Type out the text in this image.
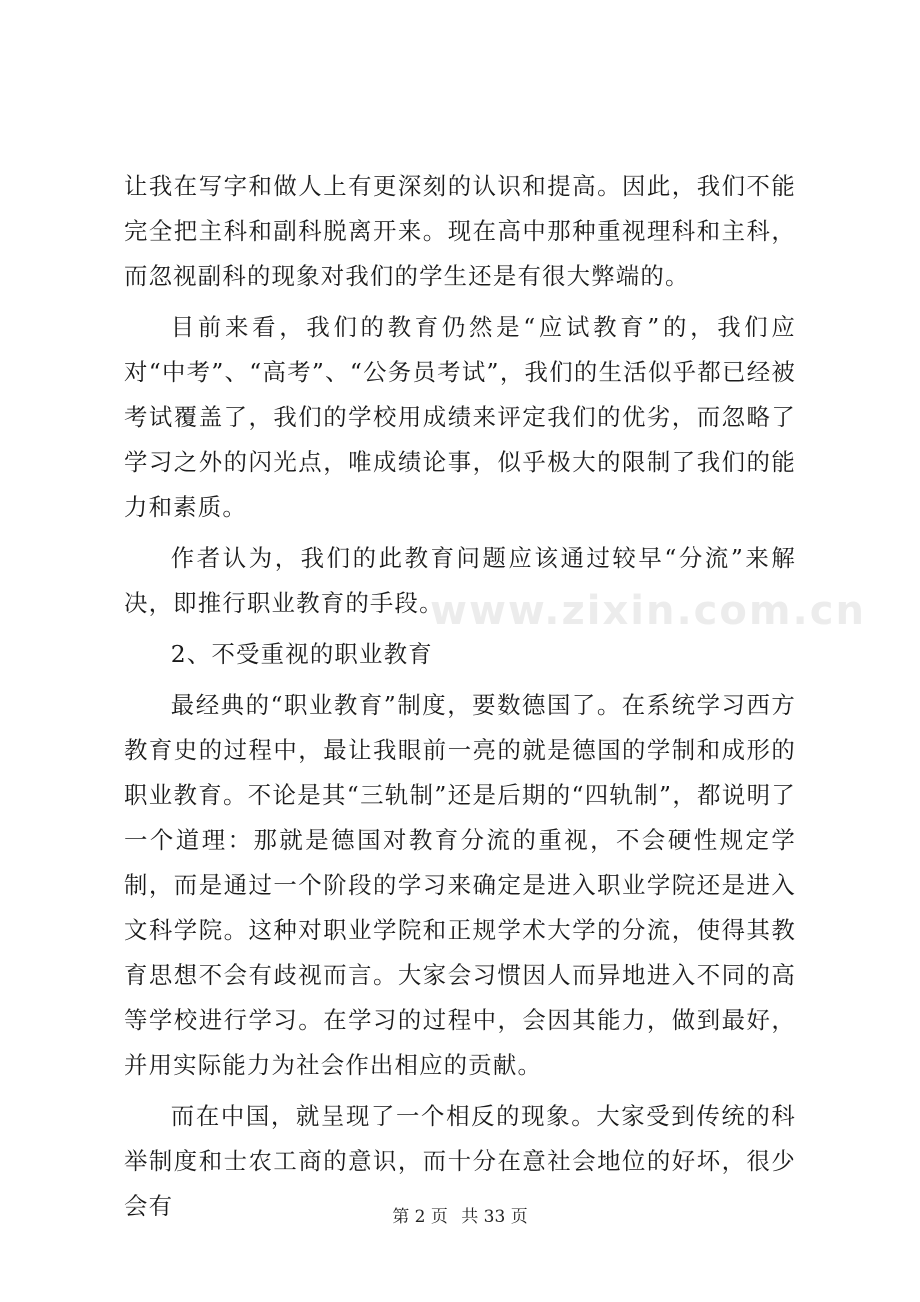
www.zixin.com.cn

让我在写字和做人上有更深刻的认识和提高。因此，我们不能完全把主科和副科脱离开来。现在高中那种重视理科和主科，而忽视副科的现象对我们的学生还是有很大弊端的。

目前来看，我们的教育仍然是“应试教育”的，我们应对“中考”、“高考”、“公务员考试”，我们的生活似乎都已经被考试覆盖了，我们的学校用成绩来评定我们的优劣，而忽略了学习之外的闪光点，唯成绩论事，似乎极大的限制了我们的能力和素质。

作者认为，我们的此教育问题应该通过较早“分流”来解决，即推行职业教育的手段。

2、不受重视的职业教育

最经典的“职业教育”制度，要数德国了。在系统学习西方教育史的过程中，最让我眼前一亮的就是德国的学制和成形的职业教育。不论是其“三轨制”还是后期的“四轨制”，都说明了一个道理：那就是德国对教育分流的重视，不会硬性规定学制，而是通过一个阶段的学习来确定是进入职业学院还是进入文科学院。这种对职业学院和正规学术大学的分流，使得其教育思想不会有歧视而言。大家会习惯因人而异地进入不同的高等学校进行学习。在学习的过程中，会因其能力，做到最好，并用实际能力为社会作出相应的贡献。

而在中国，就呈现了一个相反的现象。大家受到传统的科举制度和士农工商的意识，而十分在意社会地位的好坏，很少会有	第 2 页 共 33 页
